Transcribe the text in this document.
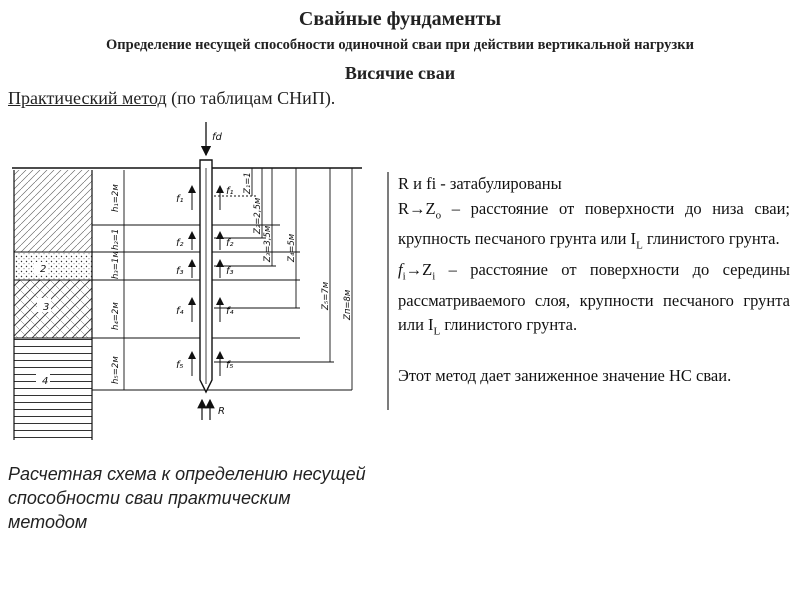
Свайные фундаменты
Определение несущей способности одиночной сваи при действии вертикальной нагрузки
Висячие сваи
Практический метод (по таблицам СНиП).
2
3
4
h₁=2м
h₂=1
h₃=1м
h₄=2м
h₅=2м
fd
R
f₁
f₂
f₃
f₄
f₅
f₁
f₂
f₃
f₄
f₅
Z₁=1
Z₂=2,5м
Z₃=3,5м Z₄=5м
Z₅=7м Zп=8м

R и fi - затабулированы

$R\to Z_о$ – расстояние от поверхности до низа сваи; крупность песчаного грунта или $I_L$ глинистого грунта.

$f_i\to Z_i$ – расстояние от поверхности до середины рассматриваемого слоя, крупности песчаного грунта или $I_L$ глинистого грунта.

Этот метод дает заниженное значение НС сваи.

Расчетная схема к определению несущей способности сваи практическим методом
